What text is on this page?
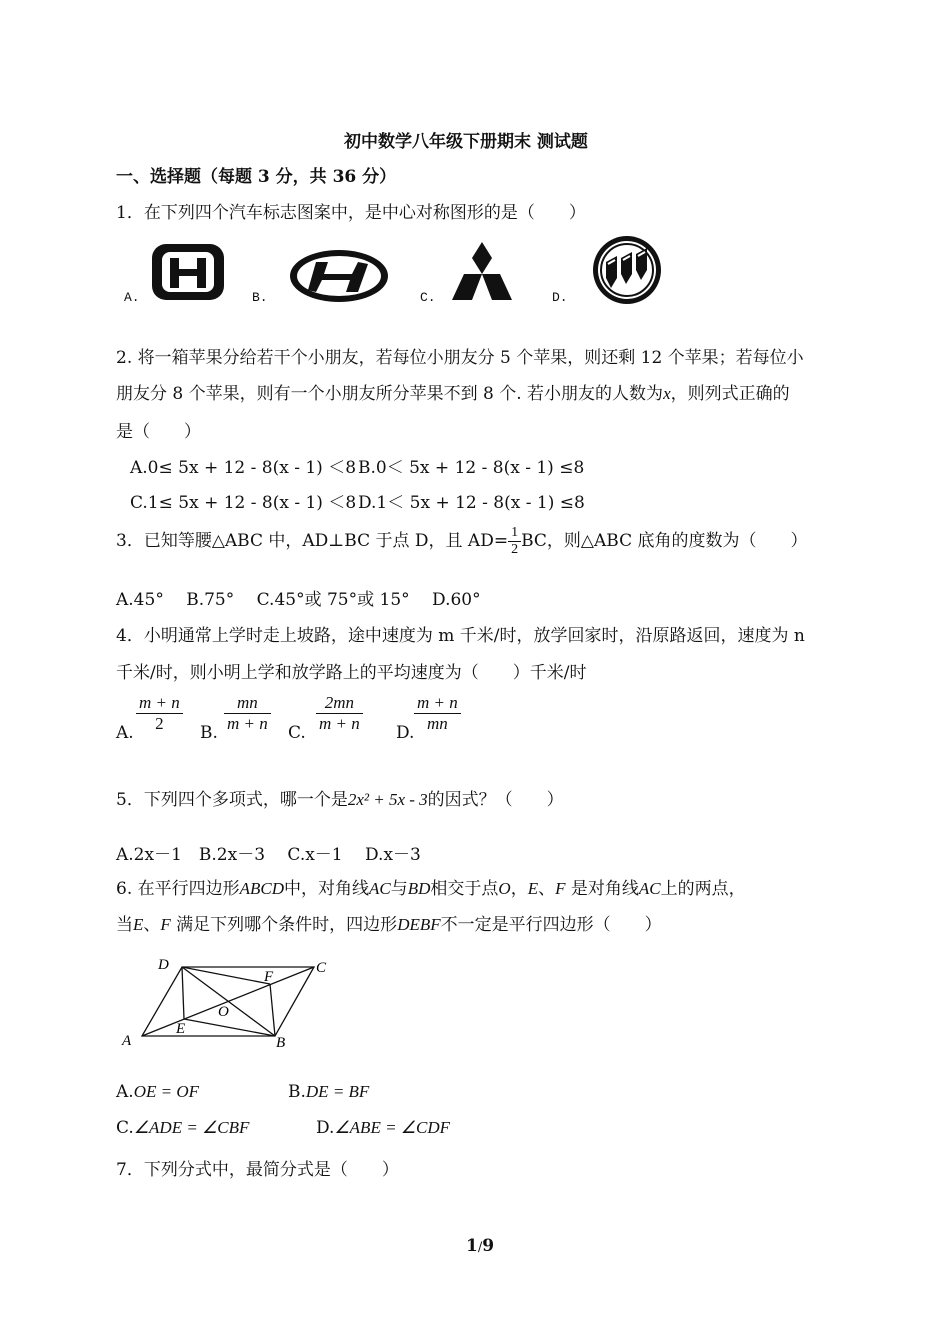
初中数学八年级下册期末 测试题
一、选择题（每题 3 分，共 36 分）
1．在下列四个汽车标志图案中，是中心对称图形的是（　　）
A.	B.	C.	D.
2. 将一箱苹果分给若干个小朋友，若每位小朋友分 5 个苹果，则还剩 12 个苹果；若每位小
朋友分 8 个苹果，则有一个小朋友所分苹果不到 8 个. 若小朋友的人数为x，则列式正确的
是（　　）
A.0≤ 5x + 12 - 8(x - 1) ＜8 B.0＜ 5x + 12 - 8(x - 1) ≤8
C.1≤ 5x + 12 - 8(x - 1) ＜8 D.1＜ 5x + 12 - 8(x - 1) ≤8
3．已知等腰△ABC 中，AD⊥BC 于点 D，且 $AD= \frac{1}{2}$ BC，则△ABC 底角的度数为（　　）
A.45°　 B.75°　 C.45°或 75°或 15°　 D.60°
4．小明通常上学时走上坡路，途中速度为 m 千米/时，放学回家时，沿原路返回，速度为 n
千米/时，则小明上学和放学路上的平均速度为（　　）千米/时
A. $\frac{m + n}{2} B$. $\frac{mn}{m + n} C$. $\frac{2mn}{m + n} D$. $\frac{m + n}{mn}$
5．下列四个多项式，哪一个是2x² + 5x - 3的因式？（　　）
A.2x－1　B.2x－3　 C.x－1　 D.x－3
6. 在平行四边形ABCD中，对角线AC与BD相交于点O，E、F 是对角线AC上的两点，
当E、F 满足下列哪个条件时，四边形DEBF不一定是平行四边形（　　）
D	C
F
O
E
A	B
A.OE = OF	B.DE = BF
C.∠ADE = ∠CBF	D.∠ABE = ∠CDF
7．下列分式中，最简分式是（　　）
1/9
